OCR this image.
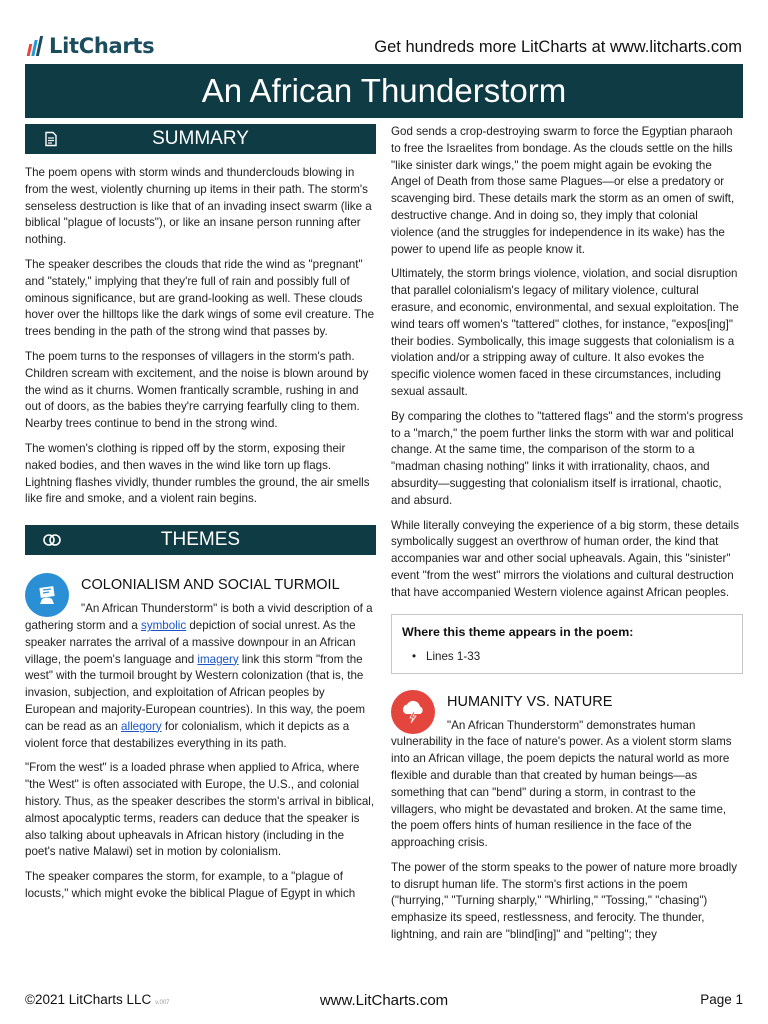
LitCharts	Get hundreds more LitCharts at www.litcharts.com
An African Thunderstorm
SUMMARY

The poem opens with storm winds and thunderclouds blowing in from the west, violently churning up items in their path. The storm's senseless destruction is like that of an invading insect swarm (like a biblical "plague of locusts"), or like an insane person running after nothing.

The speaker describes the clouds that ride the wind as "pregnant" and "stately," implying that they're full of rain and possibly full of ominous significance, but are grand-looking as well. These clouds hover over the hilltops like the dark wings of some evil creature. The trees bending in the path of the strong wind that passes by.

The poem turns to the responses of villagers in the storm's path. Children scream with excitement, and the noise is blown around by the wind as it churns. Women frantically scramble, rushing in and out of doors, as the babies they're carrying fearfully cling to them. Nearby trees continue to bend in the strong wind.

The women's clothing is ripped off by the storm, exposing their naked bodies, and then waves in the wind like torn up flags. Lightning flashes vividly, thunder rumbles the ground, the air smells like fire and smoke, and a violent rain begins.

THEMES
COLONIALISM AND SOCIAL TURMOIL

"An African Thunderstorm" is both a vivid description of a gathering storm and a symbolic depiction of social unrest. As the speaker narrates the arrival of a massive downpour in an African village, the poem's language and imagery link this storm "from the west" with the turmoil brought by Western colonization (that is, the invasion, subjection, and exploitation of African peoples by European and majority-European countries). In this way, the poem can be read as an allegory for colonialism, which it depicts as a violent force that destabilizes everything in its path.

"From the west" is a loaded phrase when applied to Africa, where "the West" is often associated with Europe, the U.S., and colonial history. Thus, as the speaker describes the storm's arrival in biblical, almost apocalyptic terms, readers can deduce that the speaker is also talking about upheavals in African history (including in the poet's native Malawi) set in motion by colonialism.

The speaker compares the storm, for example, to a "plague of locusts," which might evoke the biblical Plague of Egypt in which

God sends a crop-destroying swarm to force the Egyptian pharaoh to free the Israelites from bondage. As the clouds settle on the hills "like sinister dark wings," the poem might again be evoking the Angel of Death from those same Plagues—or else a predatory or scavenging bird. These details mark the storm as an omen of swift, destructive change. And in doing so, they imply that colonial violence (and the struggles for independence in its wake) has the power to upend life as people know it.

Ultimately, the storm brings violence, violation, and social disruption that parallel colonialism's legacy of military violence, cultural erasure, and economic, environmental, and sexual exploitation. The wind tears off women's "tattered" clothes, for instance, "expos[ing]" their bodies. Symbolically, this image suggests that colonialism is a violation and/or a stripping away of culture. It also evokes the specific violence women faced in these circumstances, including sexual assault.

By comparing the clothes to "tattered flags" and the storm's progress to a "march," the poem further links the storm with war and political change. At the same time, the comparison of the storm to a "madman chasing nothing" links it with irrationality, chaos, and absurdity—suggesting that colonialism itself is irrational, chaotic, and absurd.

While literally conveying the experience of a big storm, these details symbolically suggest an overthrow of human order, the kind that accompanies war and other social upheavals. Again, this "sinister" event "from the west" mirrors the violations and cultural destruction that have accompanied Western violence against African peoples.

Where this theme appears in the poem:
• Lines 1-33
HUMANITY VS. NATURE

"An African Thunderstorm" demonstrates human vulnerability in the face of nature's power. As a violent storm slams into an African village, the poem depicts the natural world as more flexible and durable than that created by human beings—as something that can "bend" during a storm, in contrast to the villagers, who might be devastated and broken. At the same time, the poem offers hints of human resilience in the face of the approaching crisis.

The power of the storm speaks to the power of nature more broadly to disrupt human life. The storm's first actions in the poem ("hurrying," "Turning sharply," "Whirling," "Tossing," "chasing") emphasize its speed, restlessness, and ferocity. The thunder, lightning, and rain are "blind[ing]" and "pelting"; they

©2021 LitCharts LLC v.007	www.LitCharts.com	Page 1
